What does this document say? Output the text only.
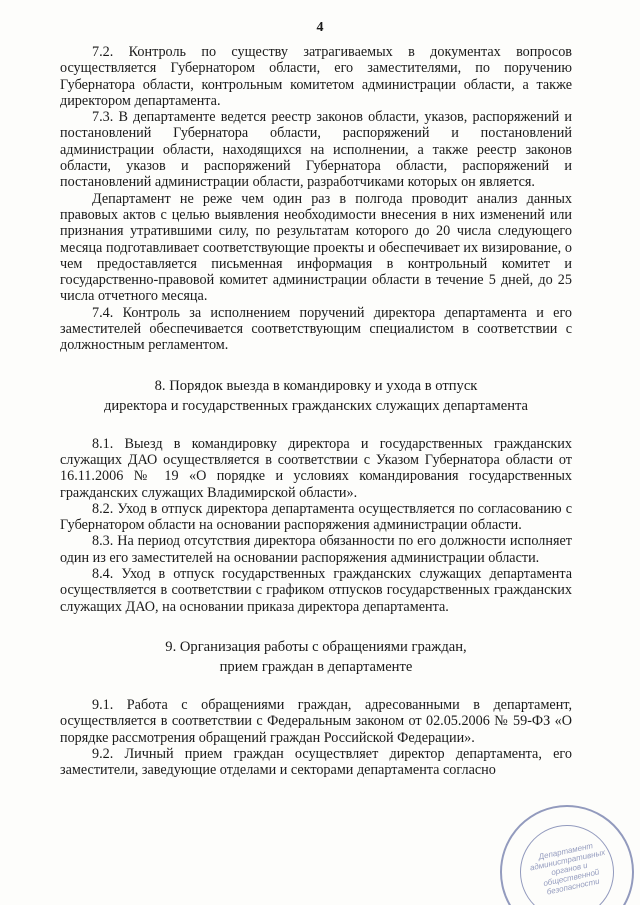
4

7.2. Контроль по существу затрагиваемых в документах вопросов осуществляется Губернатором области, его заместителями, по поручению Губернатора области, контрольным комитетом администрации области, а также директором департамента.

7.3. В департаменте ведется реестр законов области, указов, распоряжений и постановлений Губернатора области, распоряжений и постановлений администрации области, находящихся на исполнении, а также реестр законов области, указов и распоряжений Губернатора области, распоряжений и постановлений администрации области, разработчиками которых он является.

Департамент не реже чем один раз в полгода проводит анализ данных правовых актов с целью выявления необходимости внесения в них изменений или признания утратившими силу, по результатам которого до 20 числа следующего месяца подготавливает соответствующие проекты и обеспечивает их визирование, о чем предоставляется письменная информация в контрольный комитет и государственно-правовой комитет администрации области в течение 5 дней, до 25 числа отчетного месяца.

7.4. Контроль за исполнением поручений директора департамента и его заместителей обеспечивается соответствующим специалистом в соответствии с должностным регламентом.

8. Порядок выезда в командировку и ухода в отпуск
директора и государственных гражданских служащих департамента

8.1. Выезд в командировку директора и государственных гражданских служащих ДАО осуществляется в соответствии с Указом Губернатора области от 16.11.2006 № 19 «О порядке и условиях командирования государственных гражданских служащих Владимирской области».

8.2. Уход в отпуск директора департамента осуществляется по согласованию с Губернатором области на основании распоряжения администрации области.

8.3. На период отсутствия директора обязанности по его должности исполняет один из его заместителей на основании распоряжения администрации области.

8.4. Уход в отпуск государственных гражданских служащих департамента осуществляется в соответствии с графиком отпусков государственных гражданских служащих ДАО, на основании приказа директора департамента.

9. Организация работы с обращениями граждан,
прием граждан в департаменте

9.1. Работа с обращениями граждан, адресованными в департамент, осуществляется в соответствии с Федеральным законом от 02.05.2006 № 59-ФЗ «О порядке рассмотрения обращений граждан Российской Федерации».

9.2. Личный прием граждан осуществляет директор департамента, его заместители, заведующие отделами и секторами департамента согласно

Департамент административных органов и общественной безопасности
